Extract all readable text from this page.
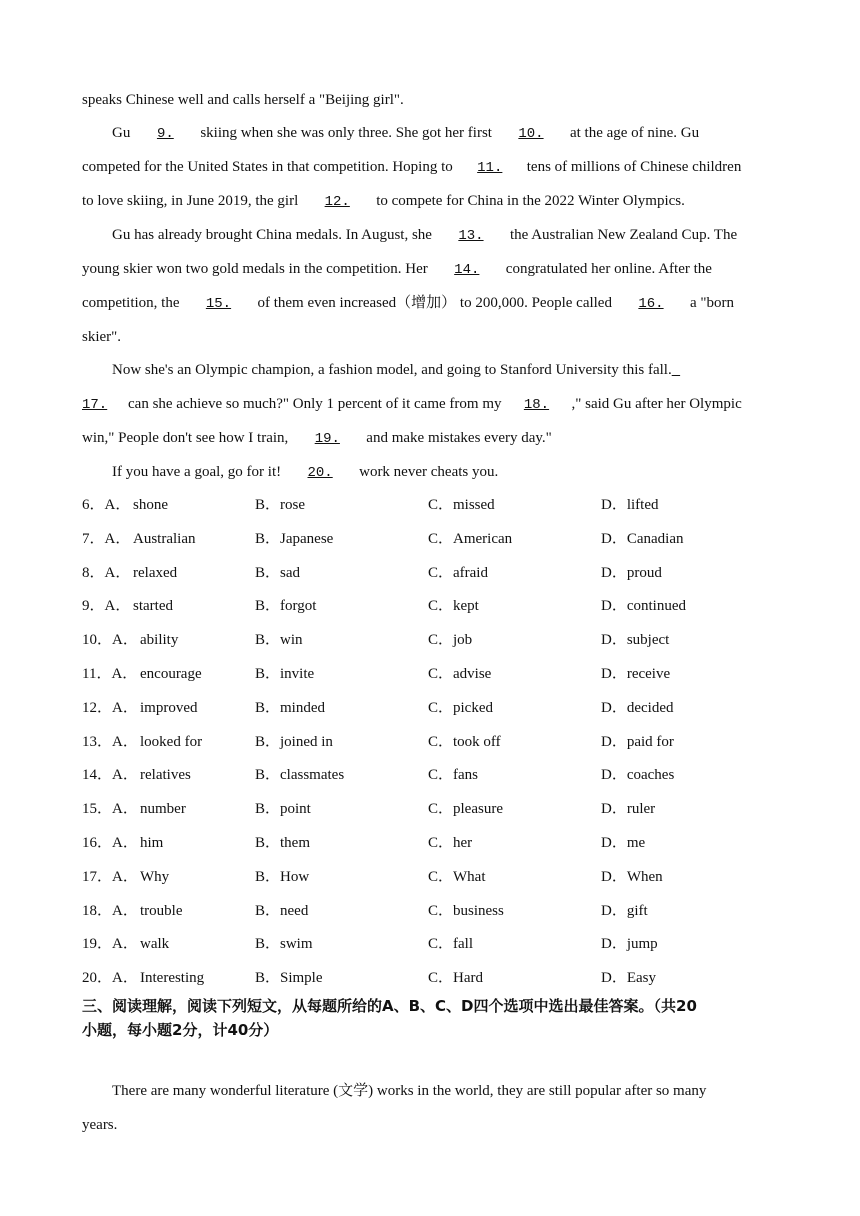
speaks Chinese well and calls herself a "Beijing girl".
Gu 9. skiing when she was only three. She got her first 10. at the age of nine. Gu
competed for the United States in that competition. Hoping to 11. tens of millions of Chinese children
to love skiing, in June 2019, the girl 12. to compete for China in the 2022 Winter Olympics.
Gu has already brought China medals. In August, she 13. the Australian New Zealand Cup. The
young skier won two gold medals in the competition. Her 14. congratulated her online. After the
competition, the 15. of them even increased（增加） to 200,000. People called 16. a "born
skier".
Now she's an Olympic champion, a fashion model, and going to Stanford University this fall.
17. can she achieve so much?" Only 1 percent of it came from my 18. ," said Gu after her Olympic
win," People don't see how I train, 19. and make mistakes every day."
If you have a goal, go for it! 20. work never cheats you.
6．A． shone	B．rose	C．missed	D．lifted
7．A． Australian	B．Japanese	C．American	D．Canadian
8．A． relaxed	B．sad	C．afraid	D．proud
9．A． started	B．forgot	C．kept	D．continued
10．A． ability	B．win	C．job	D．subject
11．A． encourage	B．invite	C．advise	D．receive
12．A． improved	B．minded	C．picked	D．decided
13．A． looked for	B．joined in	C．took off	D．paid for
14．A． relatives	B．classmates	C．fans	D．coaches
15．A． number	B．point	C．pleasure	D．ruler
16．A． him	B．them	C．her	D．me
17．A． Why	B．How	C．What	D．When
18．A． trouble	B．need	C．business	D．gift
19．A． walk	B．swim	C．fall	D．jump
20．A． Interesting	B．Simple	C．Hard	D．Easy
三、阅读理解，阅读下列短文，从每题所给的A、B、C、D四个选项中选出最佳答案。（共20
小题，每小题2分，计40分）
There are many wonderful literature (文学) works in the world, they are still popular after so many
years.
